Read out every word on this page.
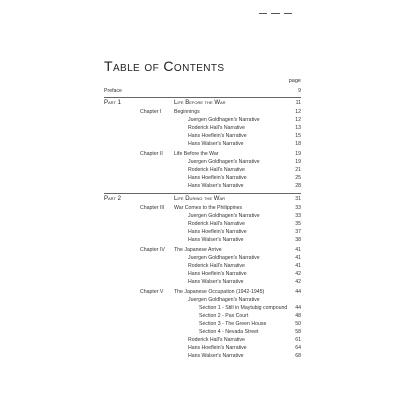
Table of Contents
page
Preface	9
Part 1	Life Before the War	11
Chapter I Beginnings	12
Juergen Goldhagen's Narrative	12
Roderick Hall's Narrative	13
Hans Hoeflein's Narrative	15
Hans Walser's Narrative	18
Chapter II Life Before the War	19
Juergen Goldhagen's Narrative	19
Roderick Hall's Narrative	21
Hans Hoeflein's Narrative	25
Hans Walser's Narrative	28
Part 2	Life During the War	31
Chapter III War Comes to the Philippines	33
Juergen Goldhagen's Narrative	33
Roderick Hall's Narrative	35
Hans Hoeflein's Narrative	37
Hans Walser's Narrative	38
Chapter IV The Japanese Arrive	41
Juergen Goldhagen's Narrative	41
Roderick Hall's Narrative	41
Hans Hoeflein's Narrative	42
Hans Walser's Narrative	42
Chapter V The Japanese Occupation (1942-1945)	44
Juergen Goldhagen's Narrative
Section 1 - Still in Maytubig compound 44
Section 2 - Pax Court	48
Section 3 - The Green House	50
Section 4 - Nevada Street	58
Roderick Hall's Narrative	61
Hans Hoeflein's Narrative	64
Hans Walser's Narrative	68
